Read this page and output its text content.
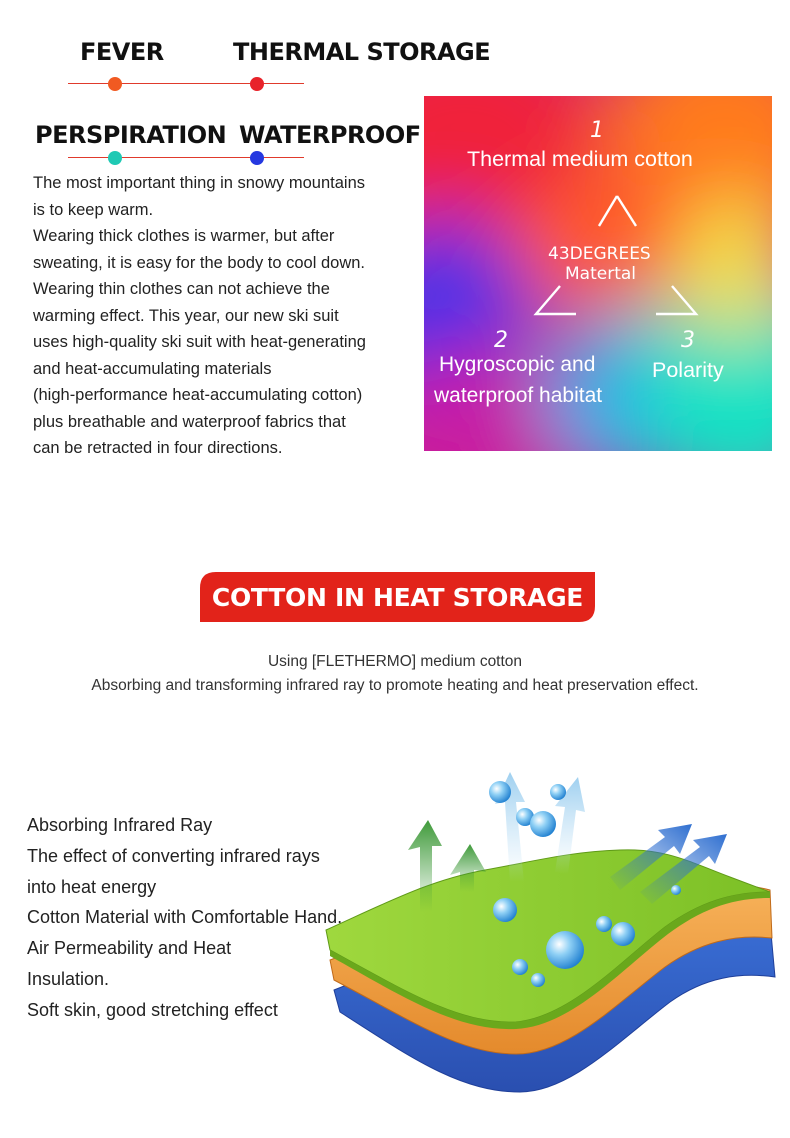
FEVER	THERMAL STORAGE
PERSPIRATION WATERPROOF

The most important thing in snowy mountains

is to keep warm.

Wearing thick clothes is warmer, but after

sweating, it is easy for the body to cool down.

Wearing thin clothes can not achieve the

warming effect. This year, our new ski suit

uses high-quality ski suit with heat-generating

and heat-accumulating materials

(high-performance heat-accumulating cotton)

plus breathable and waterproof fabrics that

can be retracted in four directions.

1
Thermal medium cotton
43DEGREES
Matertal
2
Hygroscopic and
waterproof habitat
3
Polarity
COTTON IN HEAT STORAGE
Using [FLETHERMO] medium cotton
Absorbing and transforming infrared ray to promote heating and heat preservation effect.
Absorbing Infrared Ray
The effect of converting infrared rays
into heat energy
Cotton Material with Comfortable Hand,
Air Permeability and Heat
Insulation.
Soft skin, good stretching effect
